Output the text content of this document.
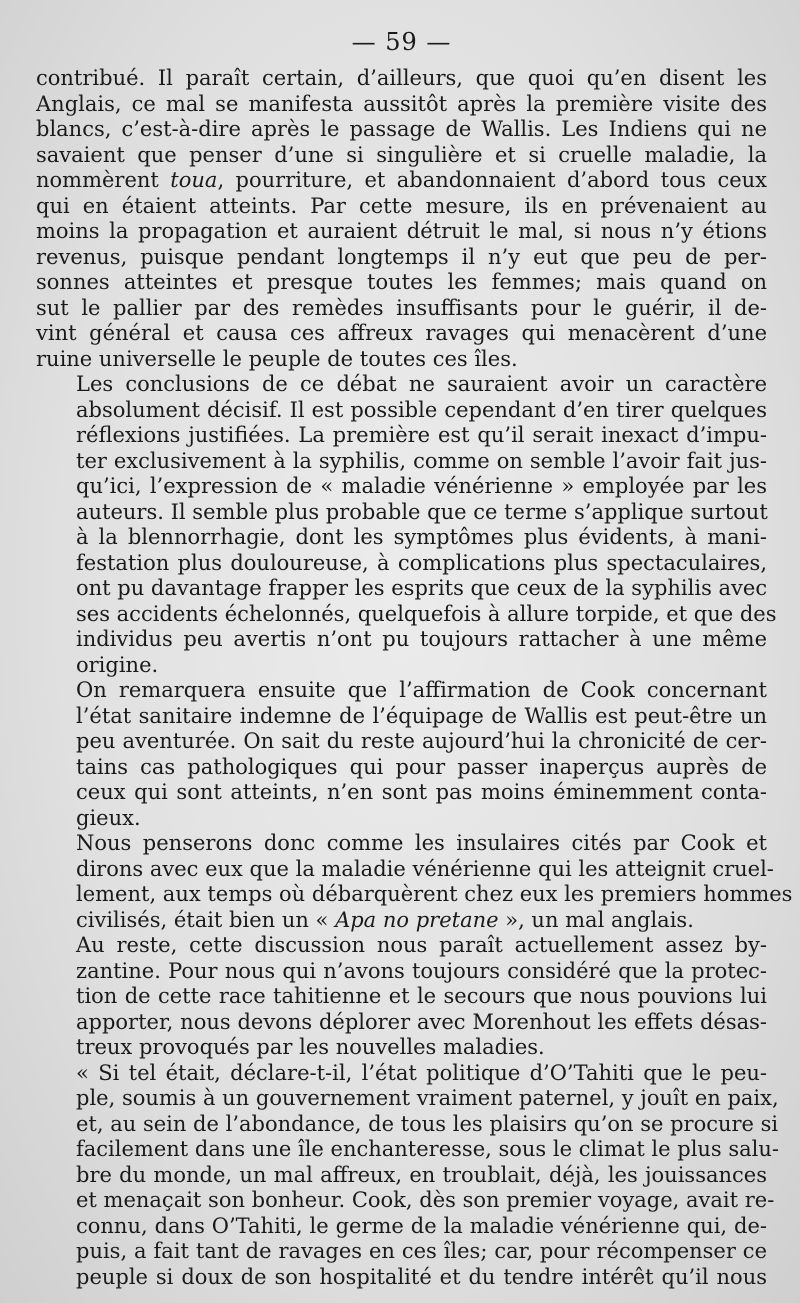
— 59 —

contribué. Il paraît certain, d’ailleurs, que quoi qu’en disent les
Anglais, ce mal se manifesta aussitôt après la première visite des
blancs, c’est-à-dire après le passage de Wallis. Les Indiens qui ne
savaient que penser d’une si singulière et si cruelle maladie, la
nommèrent toua, pourriture, et abandonnaient d’abord tous ceux
qui en étaient atteints. Par cette mesure, ils en prévenaient au
moins la propagation et auraient détruit le mal, si nous n’y étions
revenus, puisque pendant longtemps il n’y eut que peu de per-
sonnes atteintes et presque toutes les femmes; mais quand on
sut le pallier par des remèdes insuffisants pour le guérir, il de-
vint général et causa ces affreux ravages qui menacèrent d’une
ruine universelle le peuple de toutes ces îles.

Les conclusions de ce débat ne sauraient avoir un caractère
absolument décisif. Il est possible cependant d’en tirer quelques
réflexions justifiées. La première est qu’il serait inexact d’impu-
ter exclusivement à la syphilis, comme on semble l’avoir fait jus-
qu’ici, l’expression de « maladie vénérienne » employée par les
auteurs. Il semble plus probable que ce terme s’applique surtout
à la blennorrhagie, dont les symptômes plus évidents, à mani-
festation plus douloureuse, à complications plus spectaculaires,
ont pu davantage frapper les esprits que ceux de la syphilis avec
ses accidents échelonnés, quelquefois à allure torpide, et que des
individus peu avertis n’ont pu toujours rattacher à une même
origine.

On remarquera ensuite que l’affirmation de Cook concernant
l’état sanitaire indemne de l’équipage de Wallis est peut-être un
peu aventurée. On sait du reste aujourd’hui la chronicité de cer-
tains cas pathologiques qui pour passer inaperçus auprès de
ceux qui sont atteints, n’en sont pas moins éminemment conta-
gieux.

Nous penserons donc comme les insulaires cités par Cook et
dirons avec eux que la maladie vénérienne qui les atteignit cruel-
lement, aux temps où débarquèrent chez eux les premiers hommes
civilisés, était bien un « Apa no pretane », un mal anglais.

Au reste, cette discussion nous paraît actuellement assez by-
zantine. Pour nous qui n’avons toujours considéré que la protec-
tion de cette race tahitienne et le secours que nous pouvions lui
apporter, nous devons déplorer avec Morenhout les effets désas-
treux provoqués par les nouvelles maladies.

« Si tel était, déclare-t-il, l’état politique d’O’Tahiti que le peu-
ple, soumis à un gouvernement vraiment paternel, y jouît en paix,
et, au sein de l’abondance, de tous les plaisirs qu’on se procure si
facilement dans une île enchanteresse, sous le climat le plus salu-
bre du monde, un mal affreux, en troublait, déjà, les jouissances
et menaçait son bonheur. Cook, dès son premier voyage, avait re-
connu, dans O’Tahiti, le germe de la maladie vénérienne qui, de-
puis, a fait tant de ravages en ces îles; car, pour récompenser ce
peuple si doux de son hospitalité et du tendre intérêt qu’il nous
